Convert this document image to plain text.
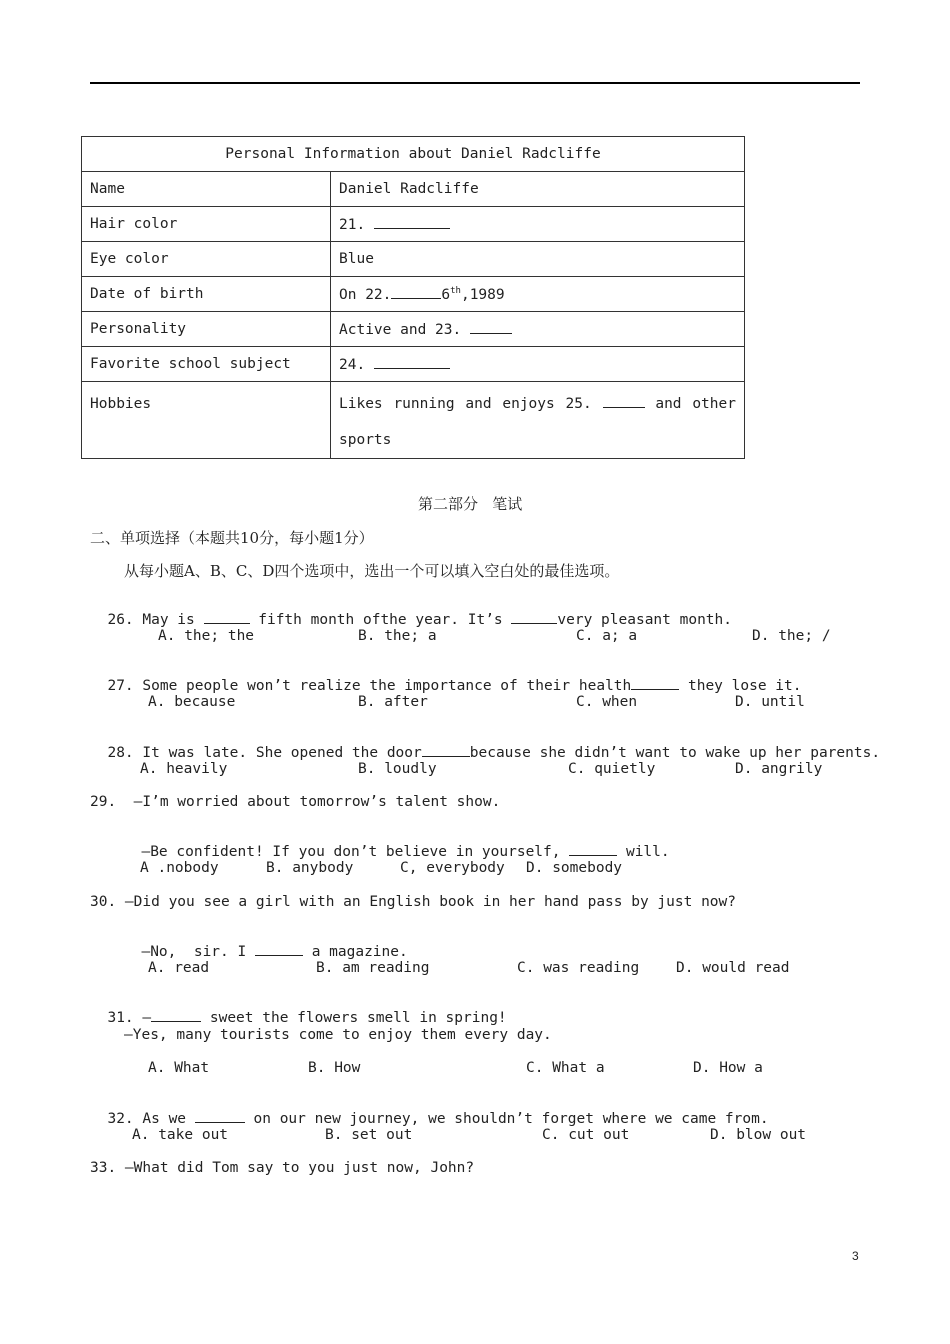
Personal Information about Daniel Radcliffe	
Name	Daniel Radcliffe
Hair color	21.
Eye color	Blue
Date of birth	On 22. 6th,1989
Personality	Active and 23.
Favorite school subject	24.
Hobbies	Likes running and enjoys 25. and other sports
第二部分   笔试
二、单项选择（本题共10分，每小题1分）
从每小题A、B、C、D四个选项中，选出一个可以填入空白处的最佳选项。

26. May is	fifth month ofthe year. It’s	very pleasant month.

A. the; the	B. the; a	C. a; a	D. the; /

27. Some people won’t realize the importance of their health	they lose it.

A. because	B. after	C. when	D. until

28. It was late. She opened the door	because she didn’t want to wake up her parents.

A. heavily	B. loudly	C. quietly	D. angrily
29.  —I’m worried about tomorrow’s talent show.

—Be confident! If you don’t believe in yourself,	will.

A .nobody	B. anybody	C, everybody D. somebody
30. —Did you see a girl with an English book in her hand pass by just now?

—No,  sir. I	a magazine.

A. read	B. am reading	C. was reading	D. would read

31. —	sweet the flowers smell in spring!

—Yes, many tourists come to enjoy them every day.
A. What	B. How	C. What a	D. How a

32. As we	on our new journey, we shouldn’t forget where we came from.

A. take out	B. set out	C. cut out	D. blow out
33. —What did Tom say to you just now, John?
3
